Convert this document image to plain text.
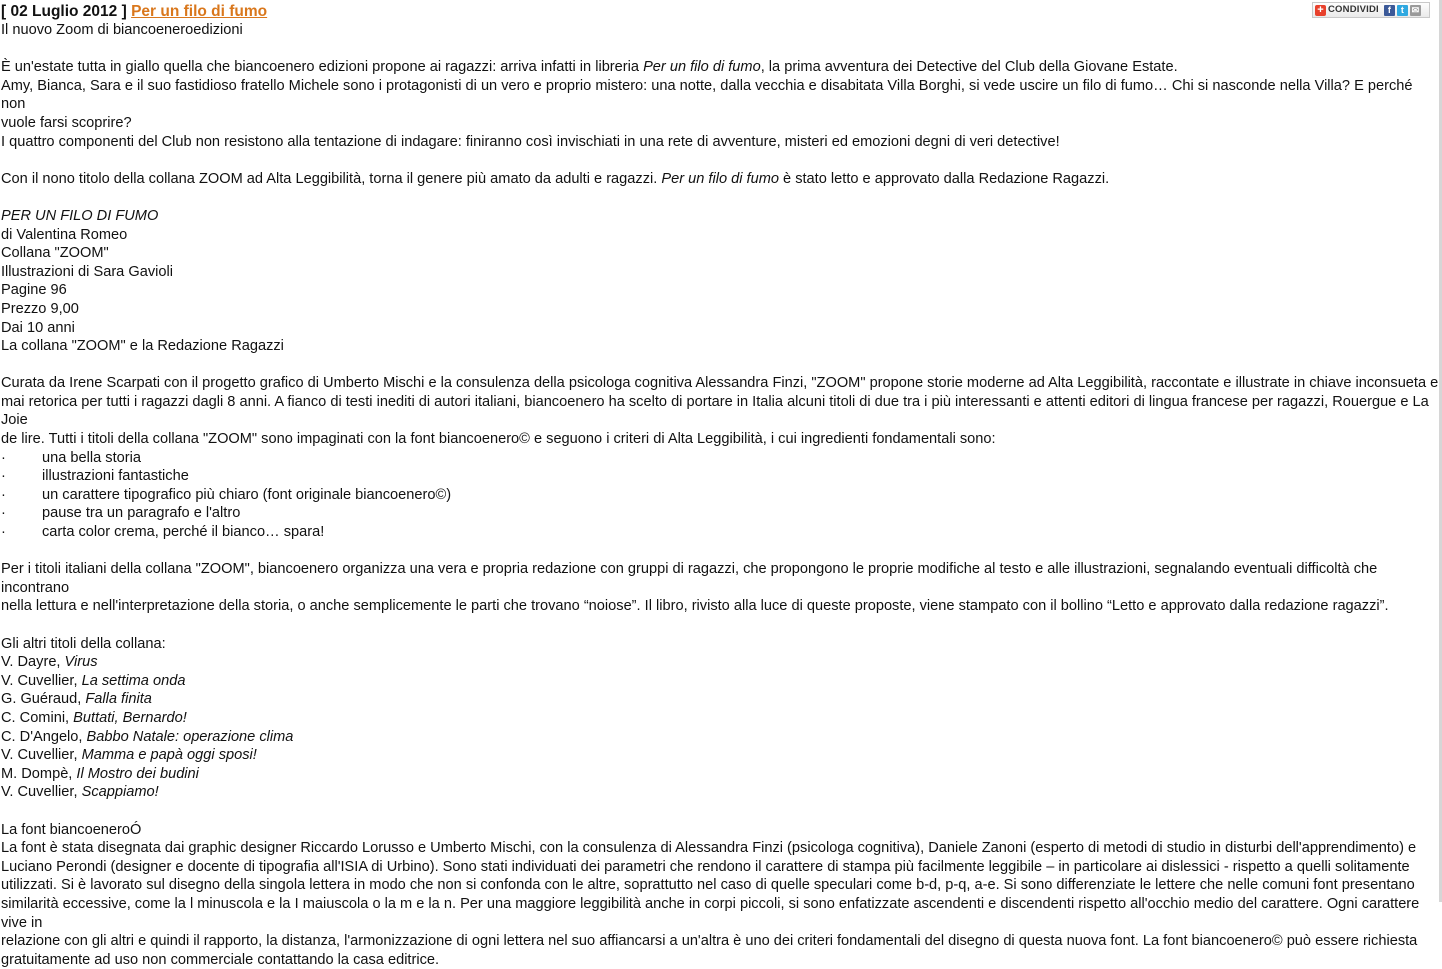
+ CONDIVIDI	f	t ✉
[ 02 Luglio 2012 ] Per un filo di fumo
Il nuovo Zoom di biancoeneroedizioni
È un'estate tutta in giallo quella che biancoenero edizioni propone ai ragazzi: arriva infatti in libreria Per un filo di fumo, la prima avventura dei Detective del Club della Giovane Estate.
Amy, Bianca, Sara e il suo fastidioso fratello Michele sono i protagonisti di un vero e proprio mistero: una notte, dalla vecchia e disabitata Villa Borghi, si vede uscire un filo di fumo… Chi si nasconde nella Villa? E perché non
vuole farsi scoprire?
I quattro componenti del Club non resistono alla tentazione di indagare: finiranno così invischiati in una rete di avventure, misteri ed emozioni degni di veri detective!
Con il nono titolo della collana ZOOM ad Alta Leggibilità, torna il genere più amato da adulti e ragazzi. Per un filo di fumo è stato letto e approvato dalla Redazione Ragazzi.
PER UN FILO DI FUMO
di Valentina Romeo
Collana "ZOOM"
Illustrazioni di Sara Gavioli
Pagine 96
Prezzo 9,00
Dai 10 anni
La collana "ZOOM" e la Redazione Ragazzi
Curata da Irene Scarpati con il progetto grafico di Umberto Mischi e la consulenza della psicologa cognitiva Alessandra Finzi, "ZOOM" propone storie moderne ad Alta Leggibilità, raccontate e illustrate in chiave inconsueta e
mai retorica per tutti i ragazzi dagli 8 anni. A fianco di testi inediti di autori italiani, biancoenero ha scelto di portare in Italia alcuni titoli di due tra i più interessanti e attenti editori di lingua francese per ragazzi, Rouergue e La Joie
de lire. Tutti i titoli della collana "ZOOM" sono impaginati con la font biancoenero© e seguono i criteri di Alta Leggibilità, i cui ingredienti fondamentali sono:
· una bella storia
· illustrazioni fantastiche
· un carattere tipografico più chiaro (font originale biancoenero©)
· pause tra un paragrafo e l'altro
· carta color crema, perché il bianco… spara!
Per i titoli italiani della collana "ZOOM", biancoenero organizza una vera e propria redazione con gruppi di ragazzi, che propongono le proprie modifiche al testo e alle illustrazioni, segnalando eventuali difficoltà che incontrano
nella lettura e nell'interpretazione della storia, o anche semplicemente le parti che trovano “noiose”. Il libro, rivisto alla luce di queste proposte, viene stampato con il bollino “Letto e approvato dalla redazione ragazzi”.
Gli altri titoli della collana:
V. Dayre, Virus
V. Cuvellier, La settima onda
G. Guéraud, Falla finita
C. Comini, Buttati, Bernardo!
C. D'Angelo, Babbo Natale: operazione clima
V. Cuvellier, Mamma e papà oggi sposi!
M. Dompè, Il Mostro dei budini
V. Cuvellier, Scappiamo!
La font biancoeneroÓ
La font è stata disegnata dai graphic designer Riccardo Lorusso e Umberto Mischi, con la consulenza di Alessandra Finzi (psicologa cognitiva), Daniele Zanoni (esperto di metodi di studio in disturbi dell'apprendimento) e
Luciano Perondi (designer e docente di tipografia all'ISIA di Urbino). Sono stati individuati dei parametri che rendono il carattere di stampa più facilmente leggibile – in particolare ai dislessici - rispetto a quelli solitamente
utilizzati. Si è lavorato sul disegno della singola lettera in modo che non si confonda con le altre, soprattutto nel caso di quelle speculari come b-d, p-q, a-e. Si sono differenziate le lettere che nelle comuni font presentano
similarità eccessive, come la l minuscola e la I maiuscola o la m e la n. Per una maggiore leggibilità anche in corpi piccoli, si sono enfatizzate ascendenti e discendenti rispetto all'occhio medio del carattere. Ogni carattere vive in
relazione con gli altri e quindi il rapporto, la distanza, l'armonizzazione di ogni lettera nel suo affiancarsi a un'altra è uno dei criteri fondamentali del disegno di questa nuova font. La font biancoenero© può essere richiesta
gratuitamente ad uso non commerciale contattando la casa editrice.
